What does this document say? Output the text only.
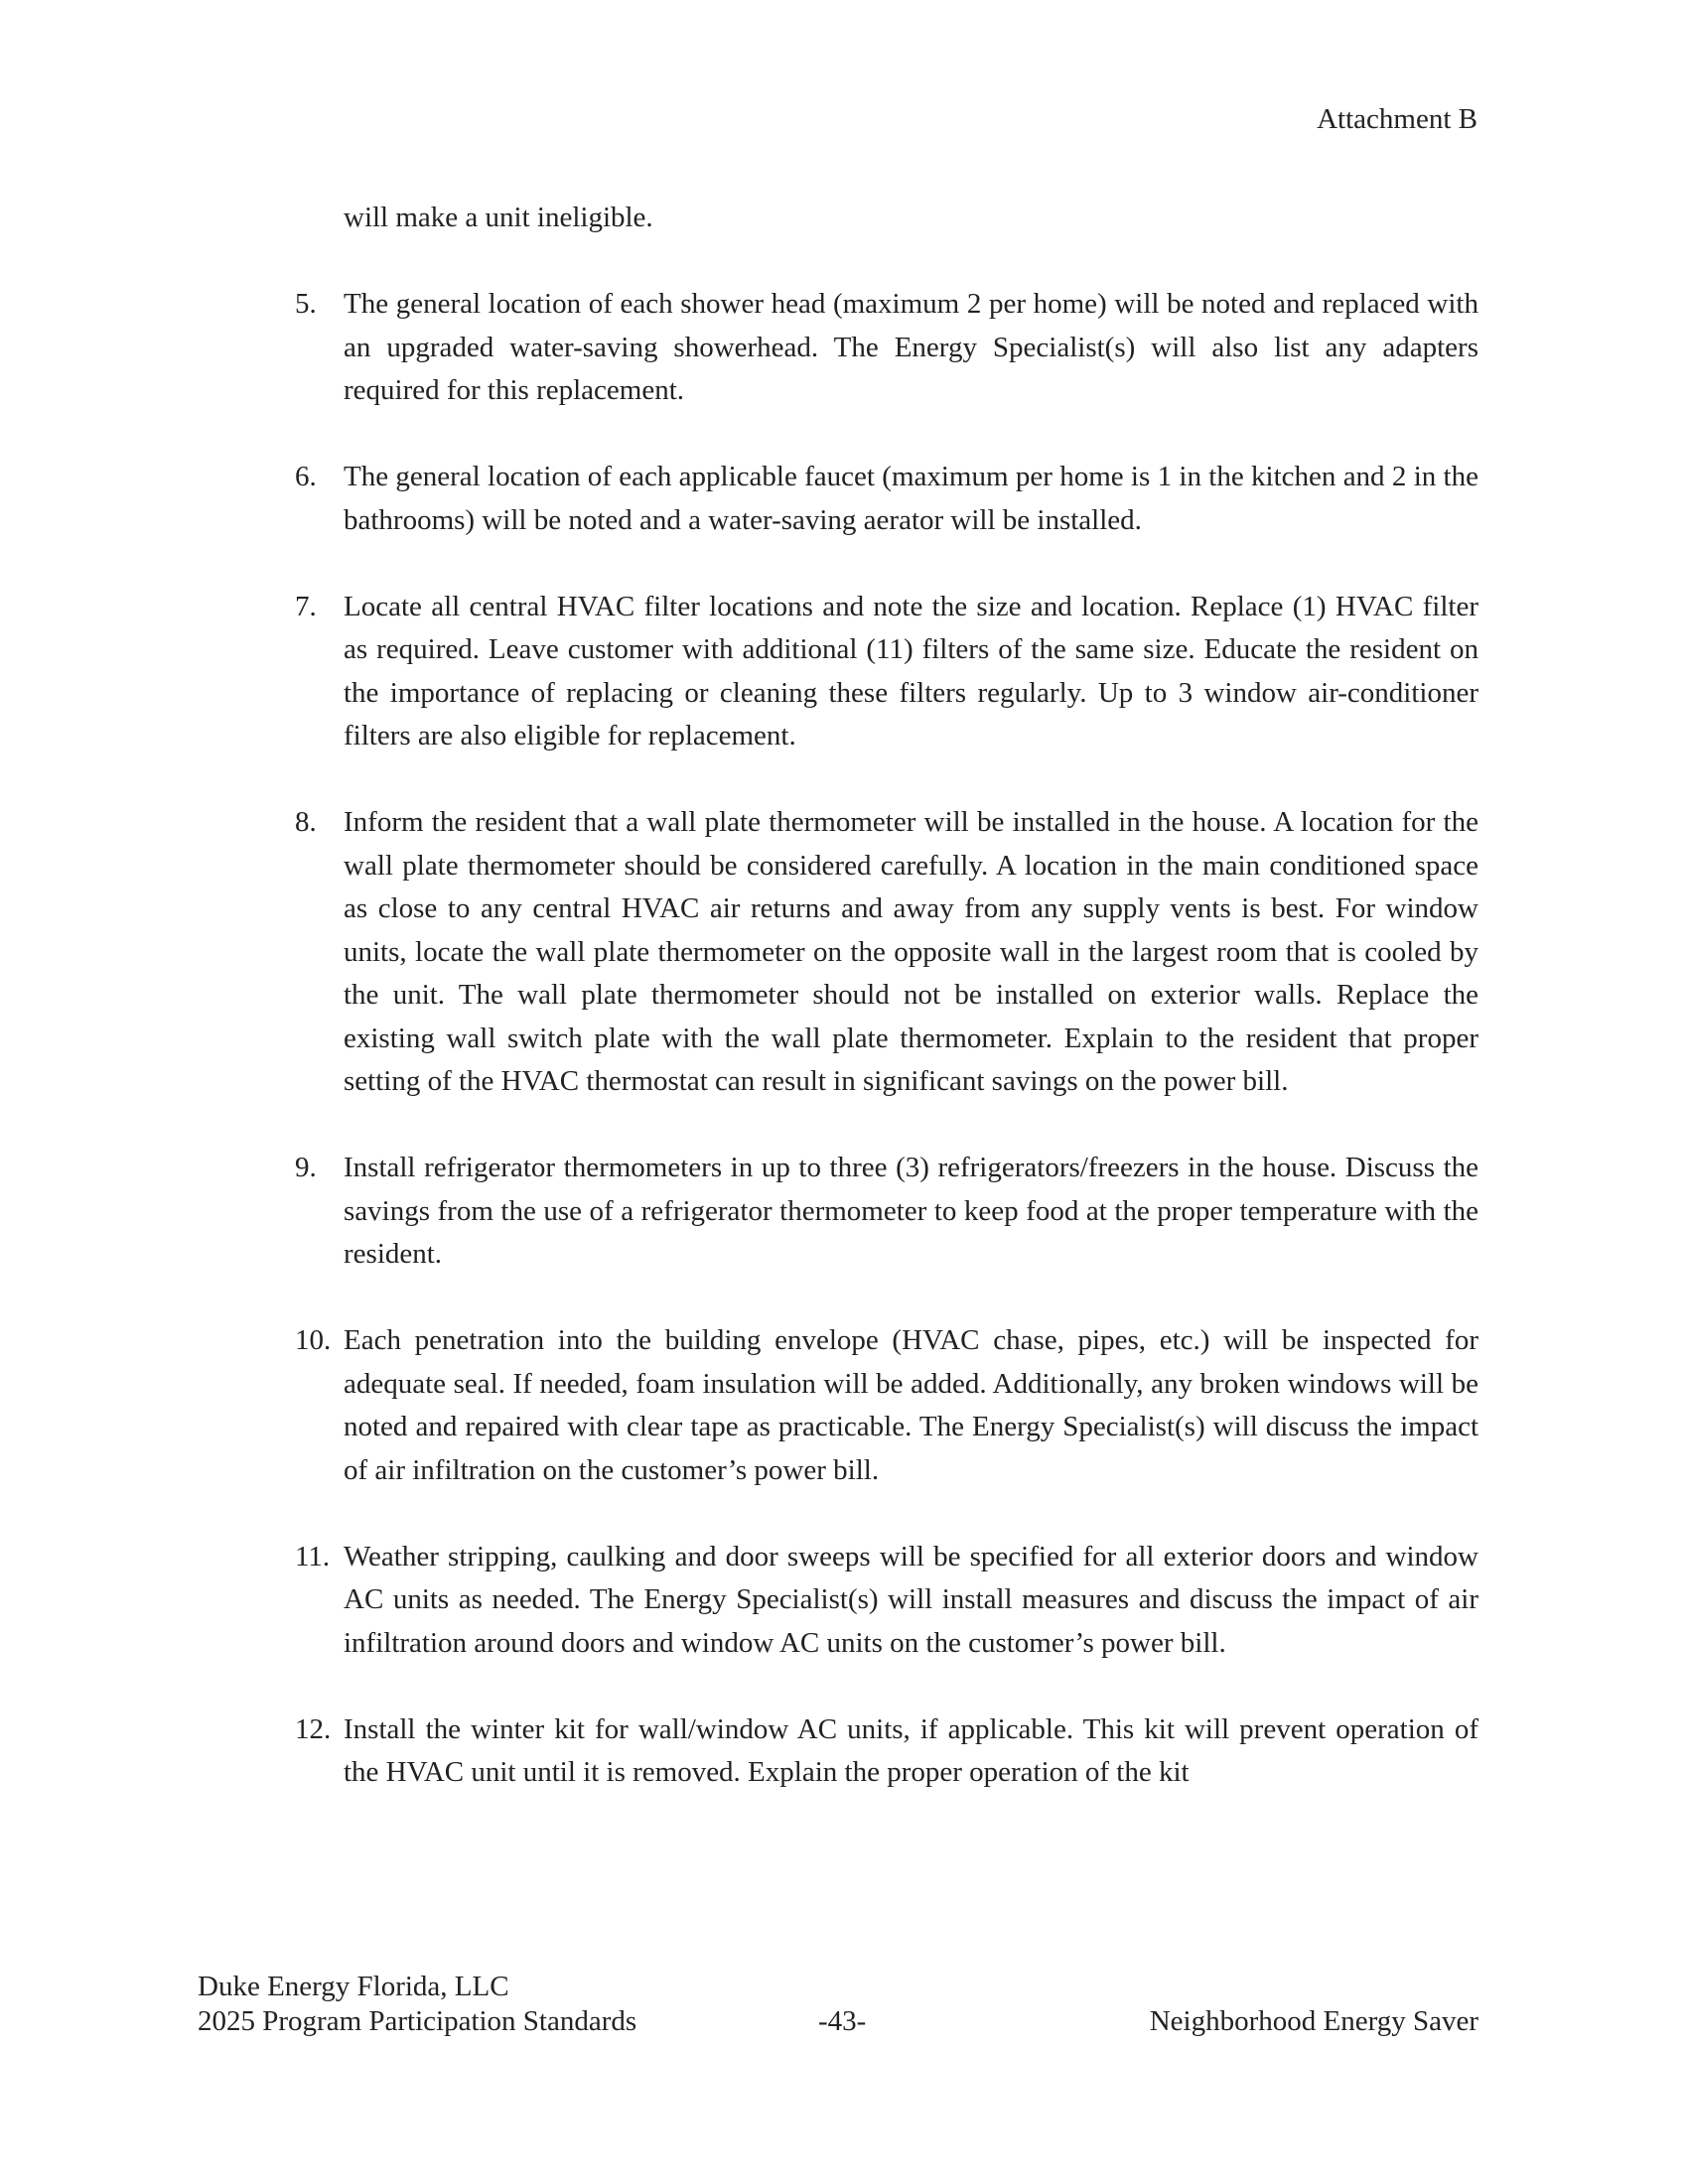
Attachment B
will make a unit ineligible.
5. The general location of each shower head (maximum 2 per home) will be noted and replaced with an upgraded water-saving showerhead. The Energy Specialist(s) will also list any adapters required for this replacement.
6. The general location of each applicable faucet (maximum per home is 1 in the kitchen and 2 in the bathrooms) will be noted and a water-saving aerator will be installed.
7. Locate all central HVAC filter locations and note the size and location. Replace (1) HVAC filter as required. Leave customer with additional (11) filters of the same size. Educate the resident on the importance of replacing or cleaning these filters regularly. Up to 3 window air-conditioner filters are also eligible for replacement.
8. Inform the resident that a wall plate thermometer will be installed in the house. A location for the wall plate thermometer should be considered carefully. A location in the main conditioned space as close to any central HVAC air returns and away from any supply vents is best. For window units, locate the wall plate thermometer on the opposite wall in the largest room that is cooled by the unit. The wall plate thermometer should not be installed on exterior walls. Replace the existing wall switch plate with the wall plate thermometer. Explain to the resident that proper setting of the HVAC thermostat can result in significant savings on the power bill.
9. Install refrigerator thermometers in up to three (3) refrigerators/freezers in the house. Discuss the savings from the use of a refrigerator thermometer to keep food at the proper temperature with the resident.
10. Each penetration into the building envelope (HVAC chase, pipes, etc.) will be inspected for adequate seal. If needed, foam insulation will be added. Additionally, any broken windows will be noted and repaired with clear tape as practicable. The Energy Specialist(s) will discuss the impact of air infiltration on the customer’s power bill.
11. Weather stripping, caulking and door sweeps will be specified for all exterior doors and window AC units as needed. The Energy Specialist(s) will install measures and discuss the impact of air infiltration around doors and window AC units on the customer’s power bill.
12. Install the winter kit for wall/window AC units, if applicable. This kit will prevent operation of the HVAC unit until it is removed. Explain the proper operation of the kit
Duke Energy Florida, LLC
2025 Program Participation Standards	-43-	Neighborhood Energy Saver
